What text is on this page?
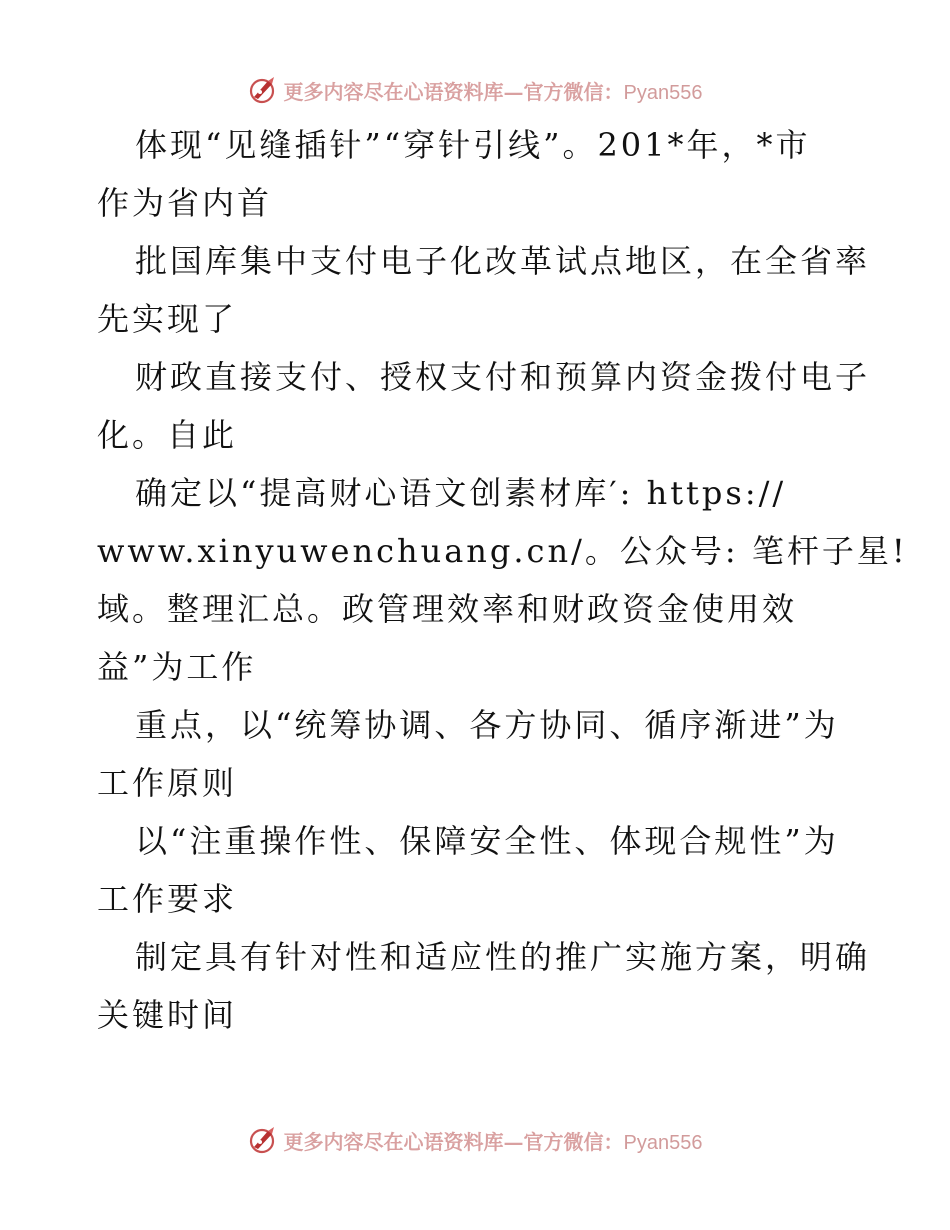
更多内容尽在心语资料库—官方微信：Pyan556
体现“见缝插针”“穿针引线”。201*年，*市
作为省内首
批国库集中支付电子化改革试点地区，在全省率
先实现了
财政直接支付、授权支付和预算内资金拨付电子
化。自此
确定以“提高财心语文创素材库′: https://
www.xinyuwenchuang.cn/。公众号: 笔杆子星!
域。整理汇总。政管理效率和财政资金使用效
益”为工作
重点，以“统筹协调、各方协同、循序渐进”为
工作原则
以“注重操作性、保障安全性、体现合规性”为
工作要求
制定具有针对性和适应性的推广实施方案，明确
关键时间
更多内容尽在心语资料库—官方微信：Pyan556
